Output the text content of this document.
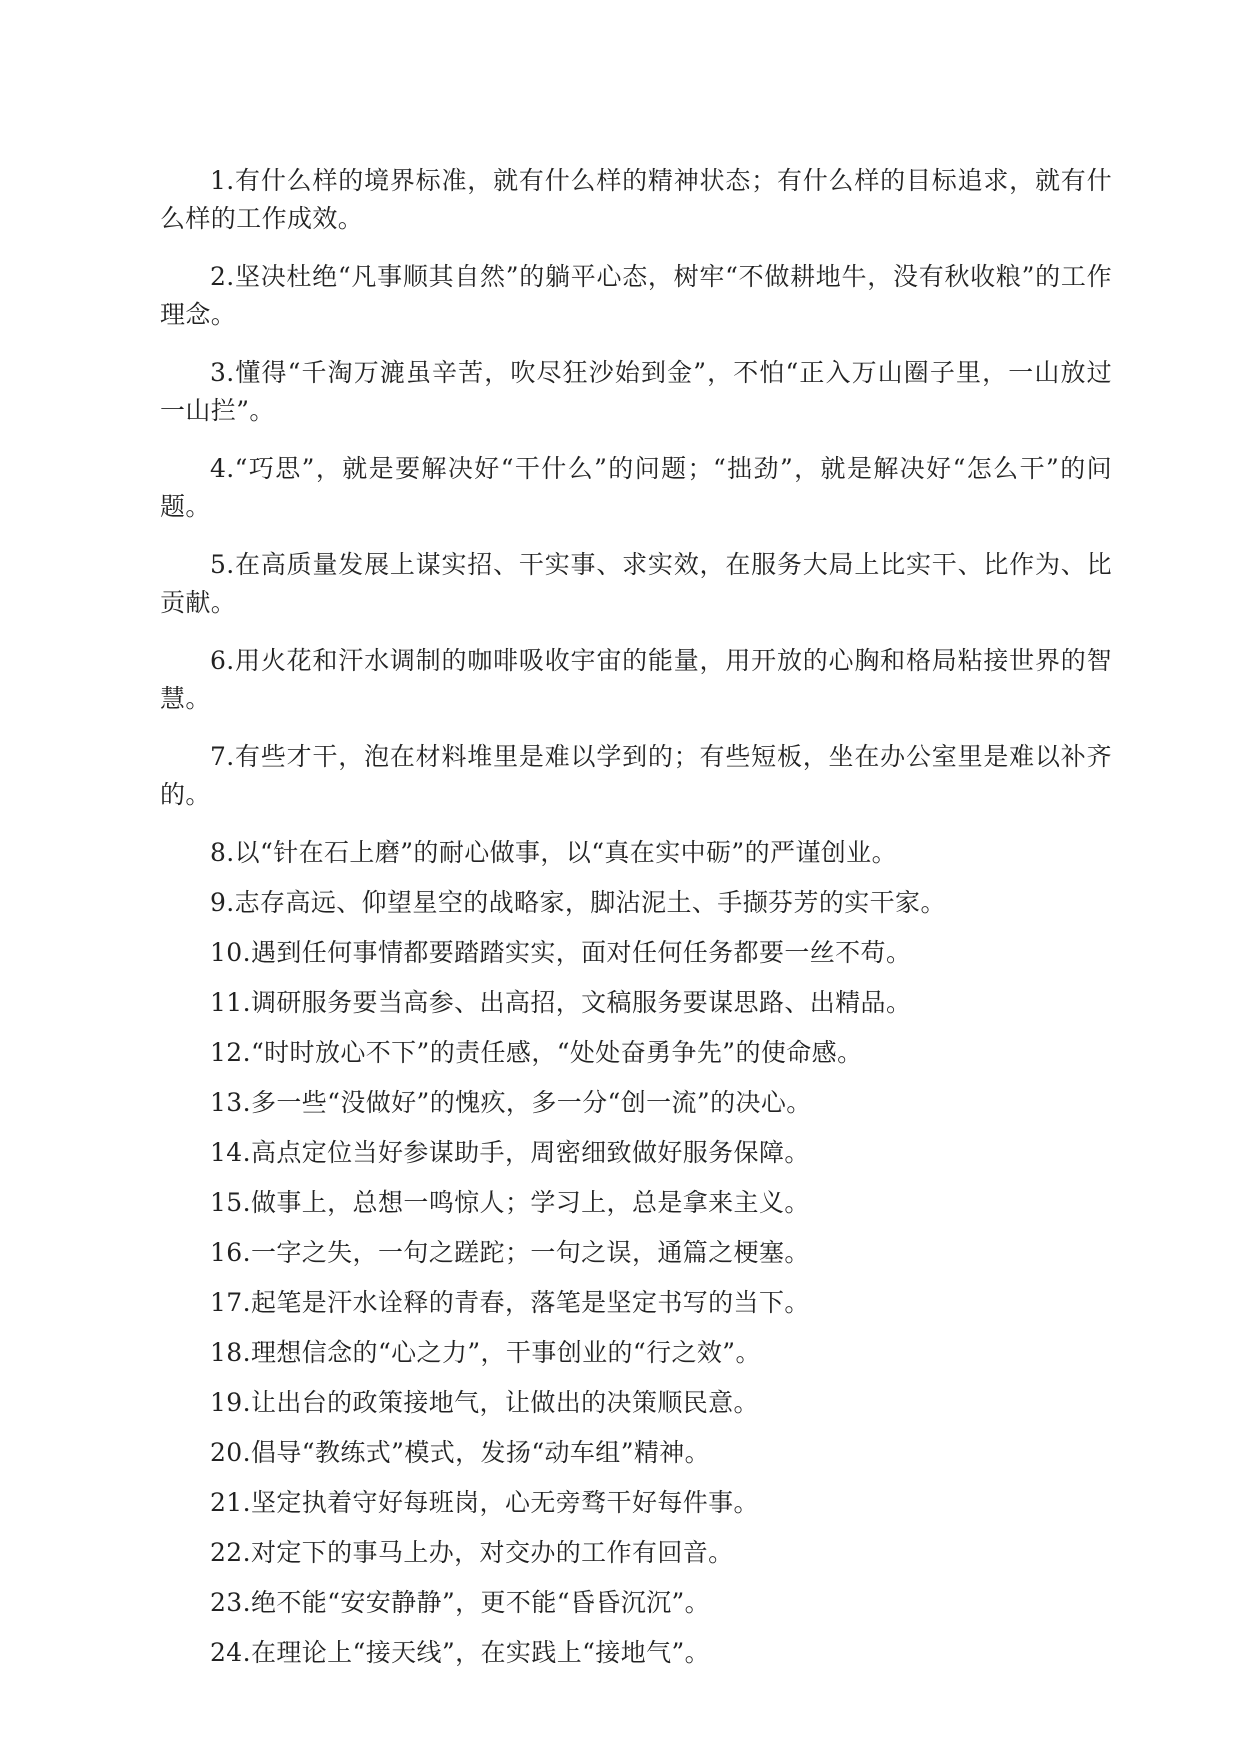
1.有什么样的境界标准，就有什么样的精神状态；有什么样的目标追求，就有什么样的工作成效。

2.坚决杜绝“凡事顺其自然”的躺平心态，树牢“不做耕地牛，没有秋收粮”的工作理念。

3.懂得“千淘万漉虽辛苦，吹尽狂沙始到金”，不怕“正入万山圈子里，一山放过一山拦”。

4.“巧思”，就是要解决好“干什么”的问题；“拙劲”，就是解决好“怎么干”的问题。

5.在高质量发展上谋实招、干实事、求实效，在服务大局上比实干、比作为、比贡献。

6.用火花和汗水调制的咖啡吸收宇宙的能量，用开放的心胸和格局粘接世界的智慧。

7.有些才干，泡在材料堆里是难以学到的；有些短板，坐在办公室里是难以补齐的。

8.以“针在石上磨”的耐心做事，以“真在实中砺”的严谨创业。

9.志存高远、仰望星空的战略家，脚沾泥土、手撷芬芳的实干家。

10.遇到任何事情都要踏踏实实，面对任何任务都要一丝不苟。

11.调研服务要当高参、出高招，文稿服务要谋思路、出精品。

12.“时时放心不下”的责任感，“处处奋勇争先”的使命感。

13.多一些“没做好”的愧疚，多一分“创一流”的决心。

14.高点定位当好参谋助手，周密细致做好服务保障。

15.做事上，总想一鸣惊人；学习上，总是拿来主义。

16.一字之失，一句之蹉跎；一句之误，通篇之梗塞。

17.起笔是汗水诠释的青春，落笔是坚定书写的当下。

18.理想信念的“心之力”，干事创业的“行之效”。

19.让出台的政策接地气，让做出的决策顺民意。

20.倡导“教练式”模式，发扬“动车组”精神。

21.坚定执着守好每班岗，心无旁骛干好每件事。

22.对定下的事马上办，对交办的工作有回音。

23.绝不能“安安静静”，更不能“昏昏沉沉”。

24.在理论上“接天线”，在实践上“接地气”。
